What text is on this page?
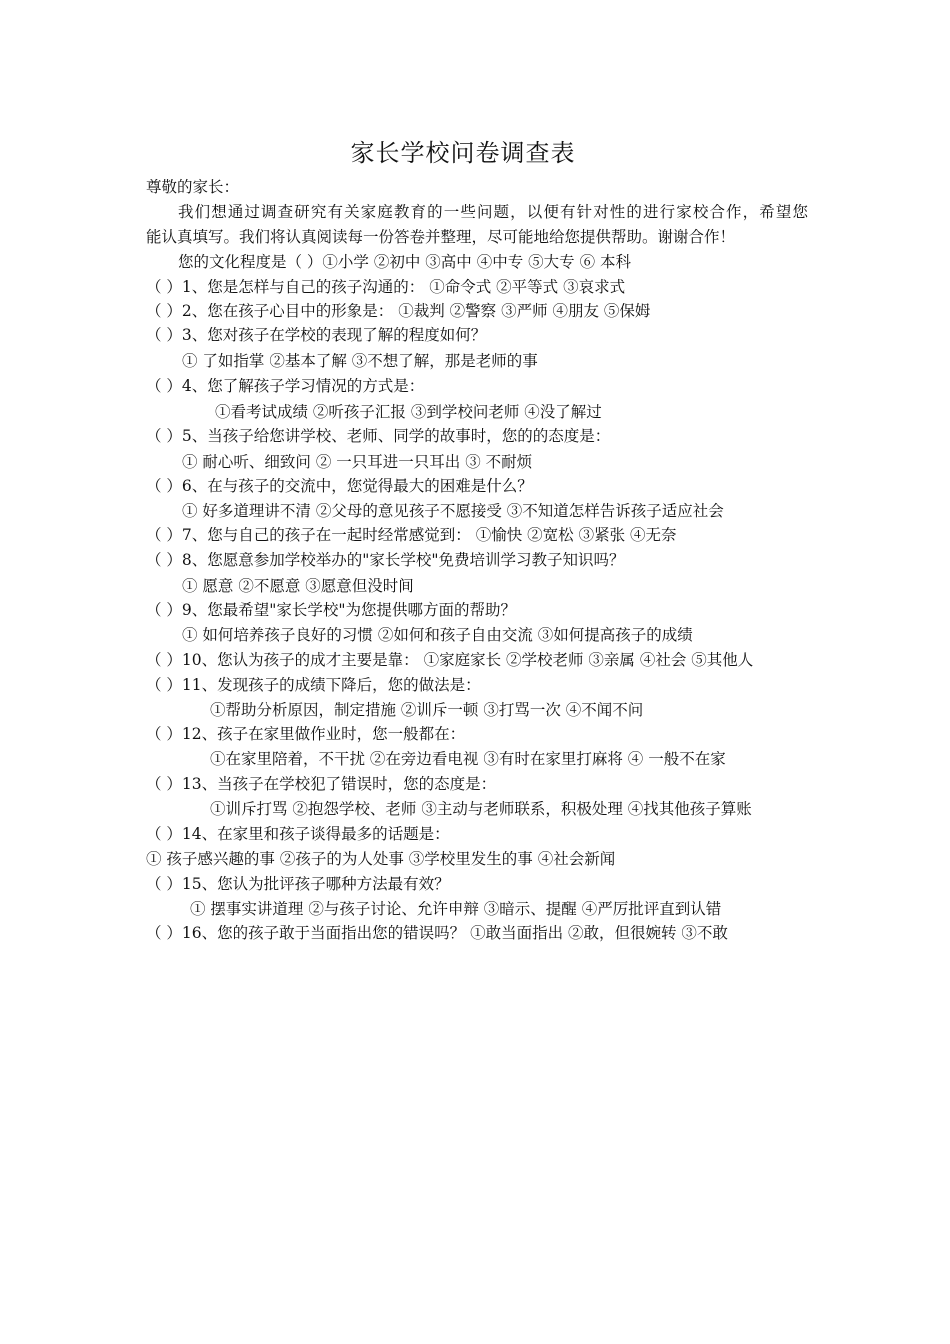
家长学校问卷调查表
尊敬的家长：
我们想通过调查研究有关家庭教育的一些问题，以便有针对性的进行家校合作，希望您
能认真填写。我们将认真阅读每一份答卷并整理，尽可能地给您提供帮助。谢谢合作！
您的文化程度是（ ）①小学 ②初中 ③高中 ④中专 ⑤大专 ⑥ 本科
（ ）1、您是怎样与自己的孩子沟通的： ①命令式 ②平等式 ③哀求式
（ ）2、您在孩子心目中的形象是： ①裁判 ②警察 ③严师 ④朋友 ⑤保姆
（ ）3、您对孩子在学校的表现了解的程度如何？
① 了如指掌 ②基本了解 ③不想了解，那是老师的事
（ ）4、您了解孩子学习情况的方式是：
①看考试成绩 ②听孩子汇报 ③到学校问老师 ④没了解过
（ ）5、当孩子给您讲学校、老师、同学的故事时，您的的态度是：
① 耐心听、细致问 ② 一只耳进一只耳出 ③ 不耐烦
（ ）6、在与孩子的交流中，您觉得最大的困难是什么？
① 好多道理讲不清 ②父母的意见孩子不愿接受 ③不知道怎样告诉孩子适应社会
（ ）7、您与自己的孩子在一起时经常感觉到： ①愉快 ②宽松 ③紧张 ④无奈
（ ）8、您愿意参加学校举办的"家长学校"免费培训学习教子知识吗？
① 愿意 ②不愿意 ③愿意但没时间
（ ）9、您最希望"家长学校"为您提供哪方面的帮助？
① 如何培养孩子良好的习惯 ②如何和孩子自由交流 ③如何提高孩子的成绩
（ ）10、您认为孩子的成才主要是靠： ①家庭家长 ②学校老师 ③亲属 ④社会 ⑤其他人
（ ）11、发现孩子的成绩下降后，您的做法是：
①帮助分析原因，制定措施 ②训斥一顿 ③打骂一次 ④不闻不问
（ ）12、孩子在家里做作业时，您一般都在：
①在家里陪着，不干扰 ②在旁边看电视 ③有时在家里打麻将 ④ 一般不在家
（ ）13、当孩子在学校犯了错误时，您的态度是：
①训斥打骂 ②抱怨学校、老师 ③主动与老师联系，积极处理 ④找其他孩子算账
（ ）14、在家里和孩子谈得最多的话题是：
① 孩子感兴趣的事 ②孩子的为人处事 ③学校里发生的事 ④社会新闻
（ ）15、您认为批评孩子哪种方法最有效？
① 摆事实讲道理 ②与孩子讨论、允许申辩 ③暗示、提醒 ④严厉批评直到认错
（ ）16、您的孩子敢于当面指出您的错误吗？ ①敢当面指出 ②敢，但很婉转 ③不敢
